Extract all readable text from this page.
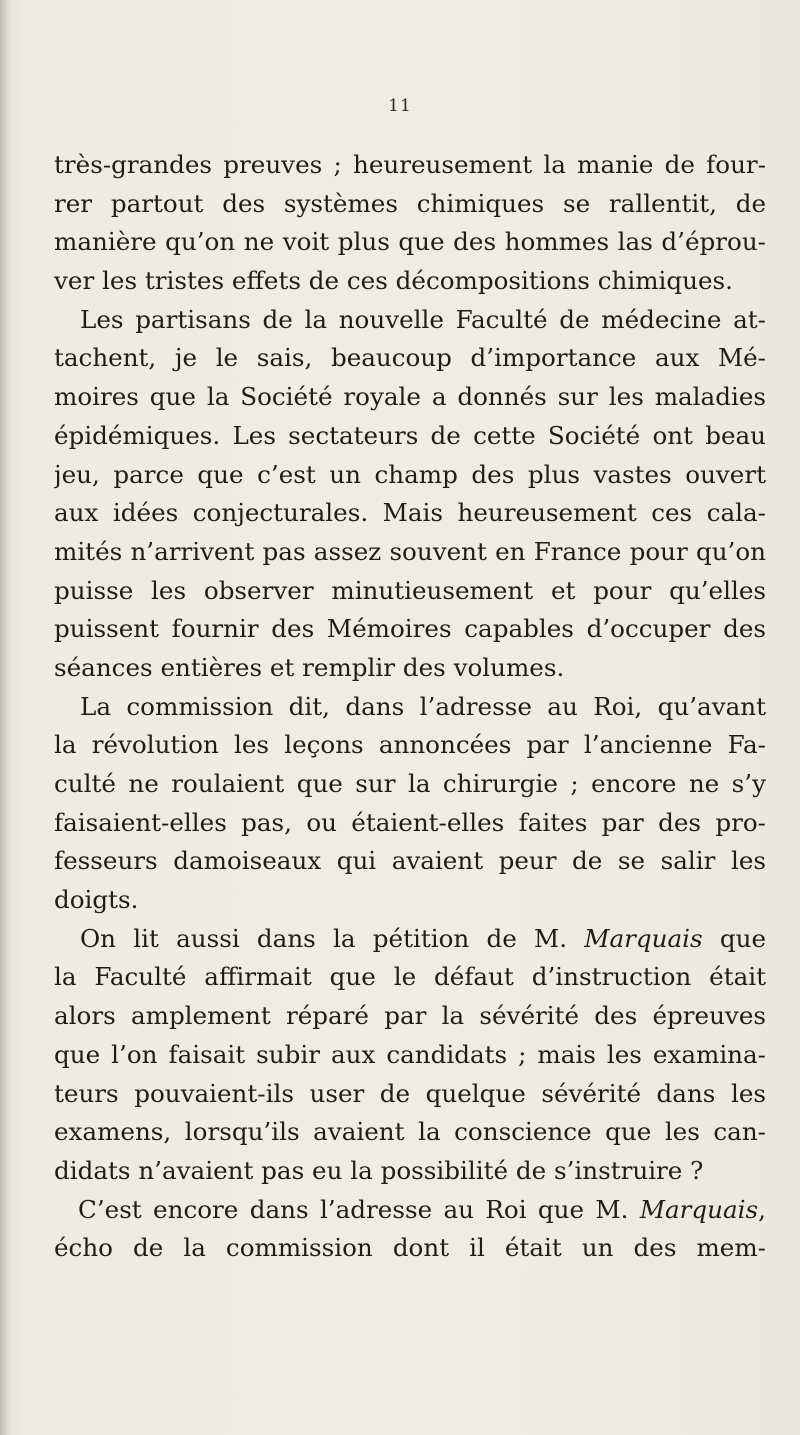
11
très-grandes preuves ; heureusement la manie de four-
rer partout des systèmes chimiques se rallentit, de
manière qu’on ne voit plus que des hommes las d’éprou-
ver les tristes effets de ces décompositions chimiques.
Les partisans de la nouvelle Faculté de médecine at-
tachent, je le sais, beaucoup d’importance aux Mé-
moires que la Société royale a donnés sur les maladies
épidémiques. Les sectateurs de cette Société ont beau
jeu, parce que c’est un champ des plus vastes ouvert
aux idées conjecturales. Mais heureusement ces cala-
mités n’arrivent pas assez souvent en France pour qu’on
puisse les observer minutieusement et pour qu’elles
puissent fournir des Mémoires capables d’occuper des
séances entières et remplir des volumes.
La commission dit, dans l’adresse au Roi, qu’avant
la révolution les leçons annoncées par l’ancienne Fa-
culté ne roulaient que sur la chirurgie ; encore ne s’y
faisaient-elles pas, ou étaient-elles faites par des pro-
fesseurs damoiseaux qui avaient peur de se salir les
doigts.
On lit aussi dans la pétition de M. Marquais que
la Faculté affirmait que le défaut d’instruction était
alors amplement réparé par la sévérité des épreuves
que l’on faisait subir aux candidats ; mais les examina-
teurs pouvaient-ils user de quelque sévérité dans les
examens, lorsqu’ils avaient la conscience que les can-
didats n’avaient pas eu la possibilité de s’instruire ?
C’est encore dans l’adresse au Roi que M. Marquais,
écho de la commission dont il était un des mem-
